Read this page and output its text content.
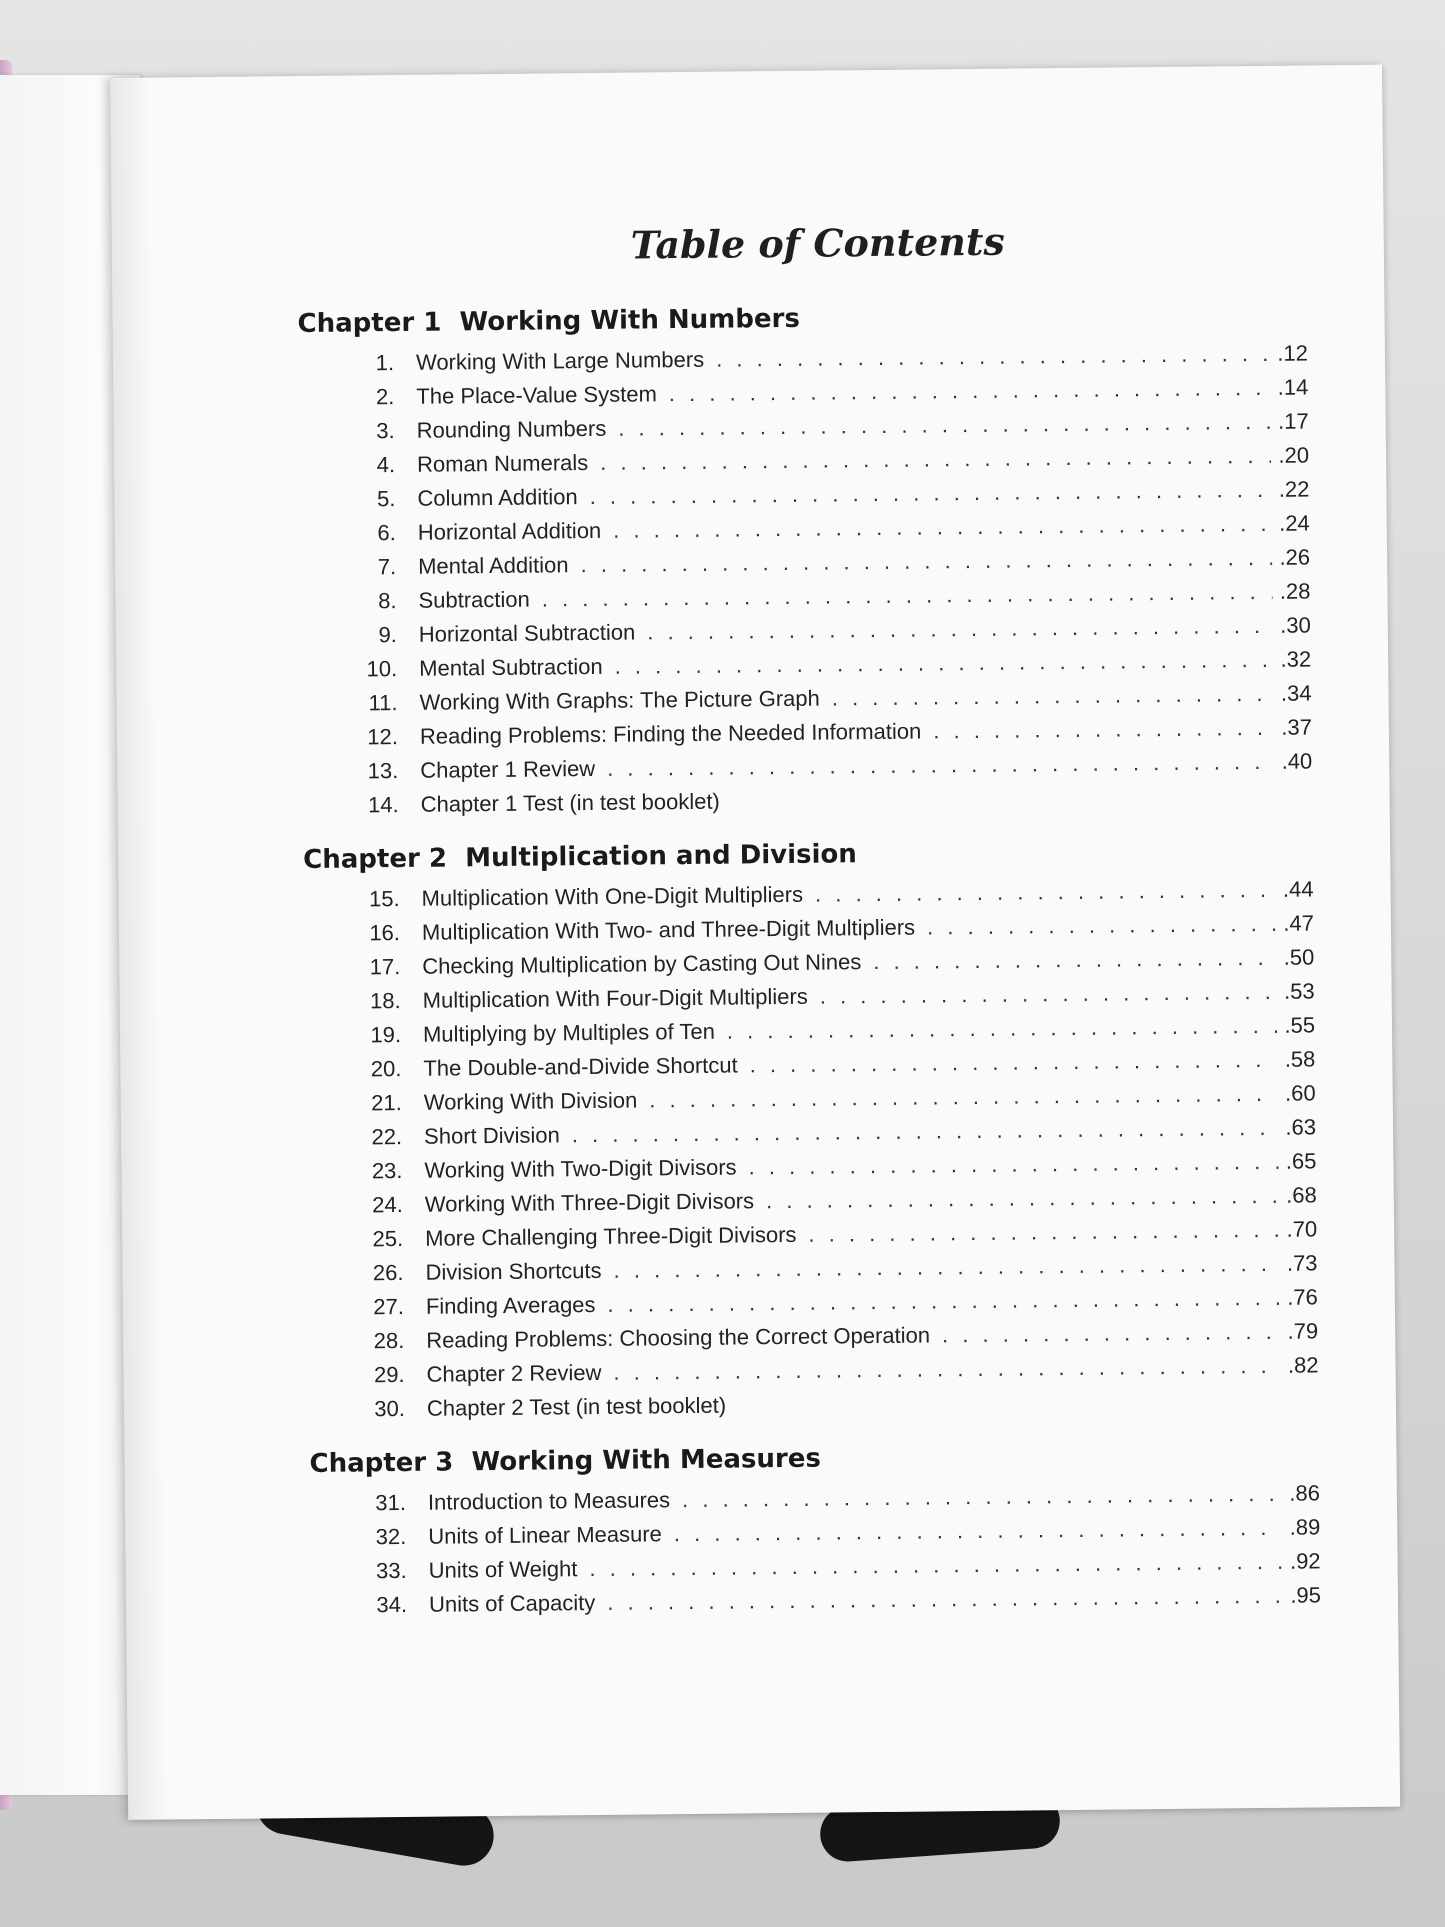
Table of Contents
Chapter 1 Working With Numbers
1. Working With Large Numbers . . .	.12
2. The Place-Value System . . .	.14
3. Rounding Numbers . . .	.17
4. Roman Numerals . . .	.20
5. Column Addition . . .	.22
6. Horizontal Addition . . .	.24
7. Mental Addition . . .	.26
8. Subtraction . . .	.28
9. Horizontal Subtraction . . .	.30
10. Mental Subtraction . . .	.32
11. Working With Graphs: The Picture Graph . . .	.34
12. Reading Problems: Finding the Needed Information . . .	.37
13. Chapter 1 Review . . .	.40
14. Chapter 1 Test (in test booklet)
Chapter 2 Multiplication and Division
15. Multiplication With One-Digit Multipliers . . .	.44
16. Multiplication With Two- and Three-Digit Multipliers . . .	.47
17. Checking Multiplication by Casting Out Nines . . .	.50
18. Multiplication With Four-Digit Multipliers . . .	.53
19. Multiplying by Multiples of Ten . . .	.55
20. The Double-and-Divide Shortcut . . .	.58
21. Working With Division . . .	.60
22. Short Division . . .	.63
23. Working With Two-Digit Divisors . . .	.65
24. Working With Three-Digit Divisors . . .	.68
25. More Challenging Three-Digit Divisors . . .	.70
26. Division Shortcuts . . .	.73
27. Finding Averages . . .	.76
28. Reading Problems: Choosing the Correct Operation . . .	.79
29. Chapter 2 Review . . .	.82
30. Chapter 2 Test (in test booklet)
Chapter 3 Working With Measures
31. Introduction to Measures . . .	.86
32. Units of Linear Measure . . .	.89
33. Units of Weight . . .	.92
34. Units of Capacity . . .	.95
